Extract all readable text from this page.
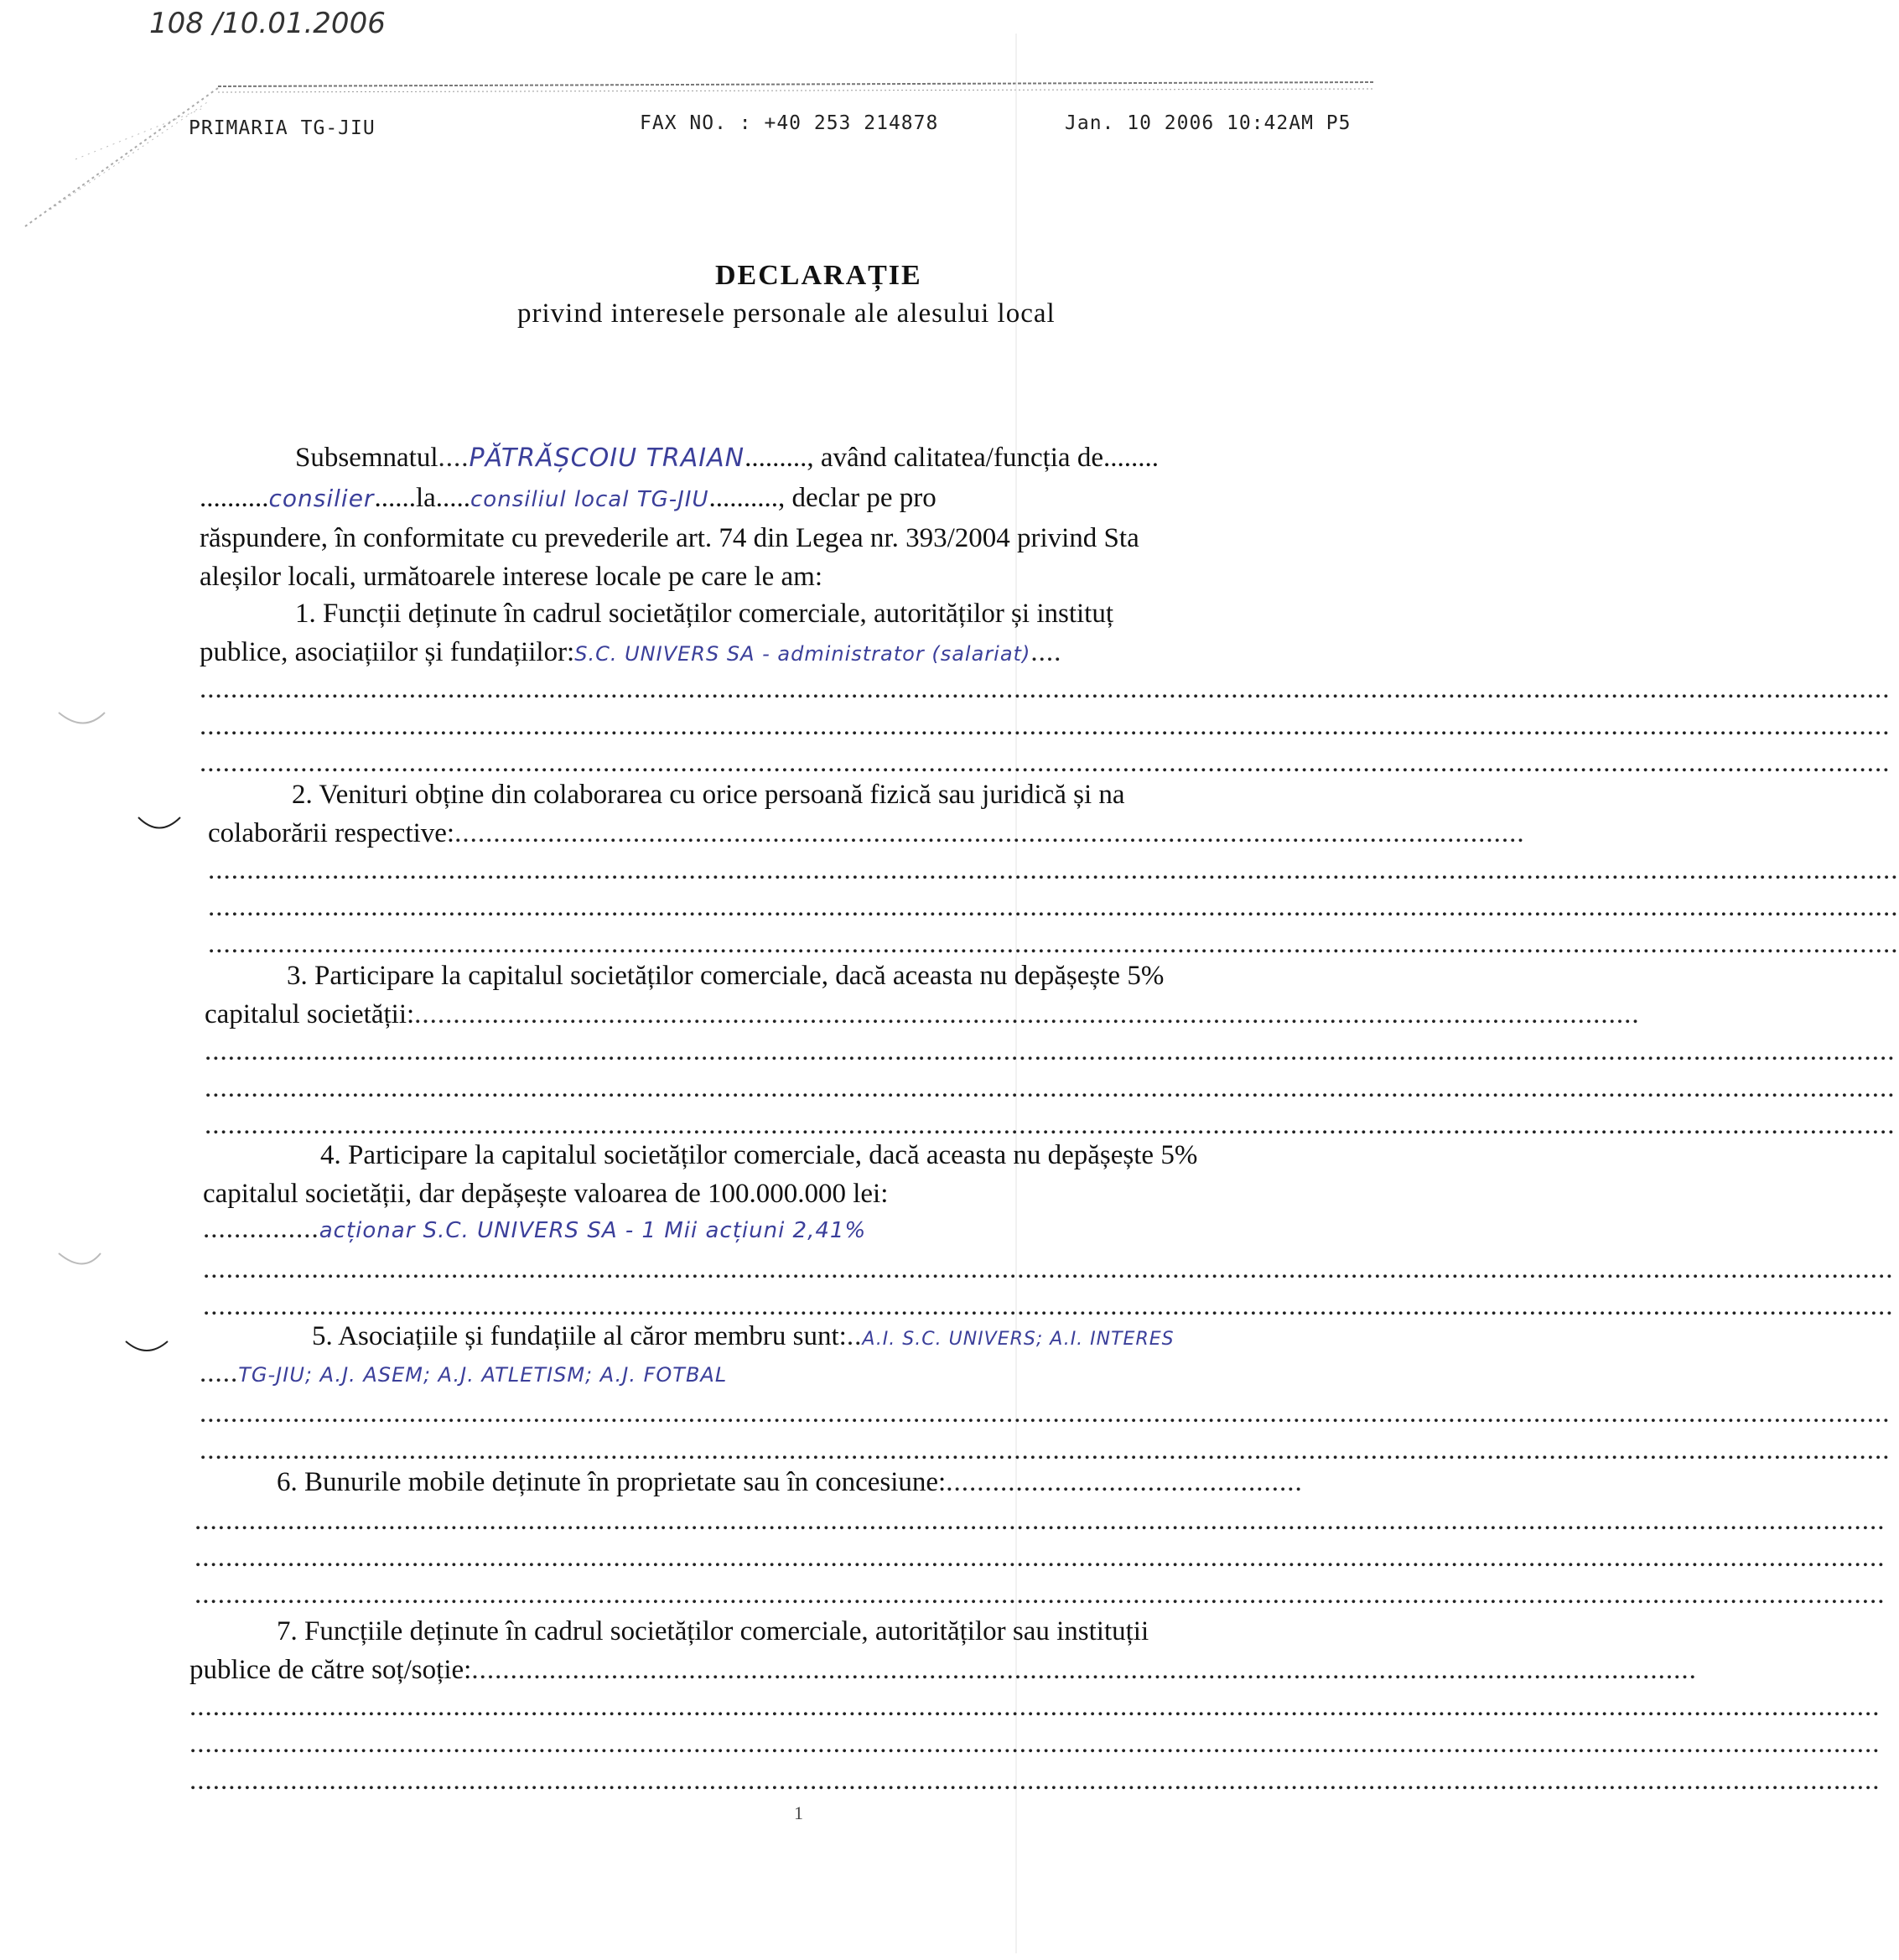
108 /10.01.2006
PRIMARIA TG-JIU	FAX NO. : +40 253 214878	Jan. 10 2006 10:42AM P5
DECLARAȚIE
privind interesele personale ale alesului local
Subsemnatul....PĂTRĂȘCOIU TRAIAN........., având calitatea/funcția de........
..........consilier......la.....consiliul local TG-JIU.........., declar pe pro
răspundere, în conformitate cu prevederile art. 74 din Legea nr. 393/2004 privind Sta
aleșilor locali, următoarele interese locale pe care le am:
1. Funcții deținute în cadrul societăților comerciale, autorităților și instituț
publice, asociațiilor și fundațiilor:S.C. UNIVERS SA - administrator (salariat)....
..........................................................................................................................................................................................................................
..........................................................................................................................................................................................................................
..........................................................................................................................................................................................................................
2. Venituri obține din colaborarea cu orice persoană fizică sau juridică și na
colaborării respective:..........................................................................................................................................
..........................................................................................................................................................................................................................
..........................................................................................................................................................................................................................
..........................................................................................................................................................................................................................
3. Participare la capitalul societăților comerciale, dacă aceasta nu depășește 5%
capitalul societății:..............................................................................................................................................................
..........................................................................................................................................................................................................................
..........................................................................................................................................................................................................................
..........................................................................................................................................................................................................................
4. Participare la capitalul societăților comerciale, dacă aceasta nu depășește 5%
capitalul societății, dar depășește valoarea de 100.000.000 lei:
...............acționar S.C. UNIVERS SA - 1 Mii acțiuni 2,41%
..........................................................................................................................................................................................................................
..........................................................................................................................................................................................................................
5. Asociațiile și fundațiile al căror membru sunt:..A.I. S.C. UNIVERS; A.I. INTERES
.....TG-JIU; A.J. ASEM; A.J. ATLETISM; A.J. FOTBAL
..........................................................................................................................................................................................................................
..........................................................................................................................................................................................................................
6. Bunurile mobile deținute în proprietate sau în concesiune:..............................................
..........................................................................................................................................................................................................................
..........................................................................................................................................................................................................................
..........................................................................................................................................................................................................................
7. Funcțiile deținute în cadrul societăților comerciale, autorităților sau instituții
publice de către soț/soție:..............................................................................................................................................................
..........................................................................................................................................................................................................................
..........................................................................................................................................................................................................................
..........................................................................................................................................................................................................................
1
